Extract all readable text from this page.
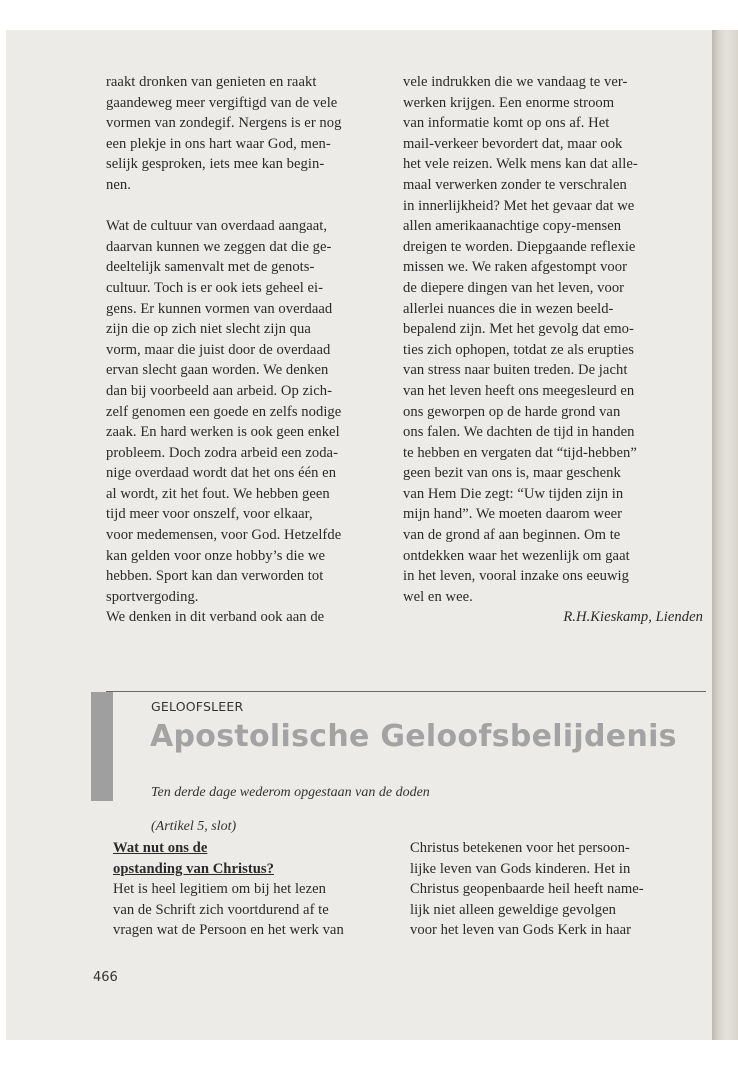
raakt dronken van genieten en raakt

gaandeweg meer vergiftigd van de vele

vormen van zondegif. Nergens is er nog

een plekje in ons hart waar God, men-

selijk gesproken, iets mee kan begin-

nen.

Wat de cultuur van overdaad aangaat,

daarvan kunnen we zeggen dat die ge-

deeltelijk samenvalt met de genots-

cultuur. Toch is er ook iets geheel ei-

gens. Er kunnen vormen van overdaad

zijn die op zich niet slecht zijn qua

vorm, maar die juist door de overdaad

ervan slecht gaan worden. We denken

dan bij voorbeeld aan arbeid. Op zich-

zelf genomen een goede en zelfs nodige

zaak. En hard werken is ook geen enkel

probleem. Doch zodra arbeid een zoda-

nige overdaad wordt dat het ons één en

al wordt, zit het fout. We hebben geen

tijd meer voor onszelf, voor elkaar,

voor medemensen, voor God. Hetzelfde

kan gelden voor onze hobby’s die we

hebben. Sport kan dan verworden tot

sportvergoding.

We denken in dit verband ook aan de

vele indrukken die we vandaag te ver-

werken krijgen. Een enorme stroom

van informatie komt op ons af. Het

mail-verkeer bevordert dat, maar ook

het vele reizen. Welk mens kan dat alle-

maal verwerken zonder te verschralen

in innerlijkheid? Met het gevaar dat we

allen amerikaanachtige copy-mensen

dreigen te worden. Diepgaande reflexie

missen we. We raken afgestompt voor

de diepere dingen van het leven, voor

allerlei nuances die in wezen beeld-

bepalend zijn. Met het gevolg dat emo-

ties zich ophopen, totdat ze als erupties

van stress naar buiten treden. De jacht

van het leven heeft ons meegesleurd en

ons geworpen op de harde grond van

ons falen. We dachten de tijd in handen

te hebben en vergaten dat “tijd-hebben”

geen bezit van ons is, maar geschenk

van Hem Die zegt: “Uw tijden zijn in

mijn hand”. We moeten daarom weer

van de grond af aan beginnen. Om te

ontdekken waar het wezenlijk om gaat

in het leven, vooral inzake ons eeuwig

wel en wee.

R.H.Kieskamp, Lienden

GELOOFSLEER
Apostolische Geloofsbelijdenis

Ten derde dage wederom opgestaan van de doden

(Artikel 5, slot)

Wat nut ons de

opstanding van Christus?

Het is heel legitiem om bij het lezen

van de Schrift zich voortdurend af te

vragen wat de Persoon en het werk van

Christus betekenen voor het persoon-

lijke leven van Gods kinderen. Het in

Christus geopenbaarde heil heeft name-

lijk niet alleen geweldige gevolgen

voor het leven van Gods Kerk in haar

466
